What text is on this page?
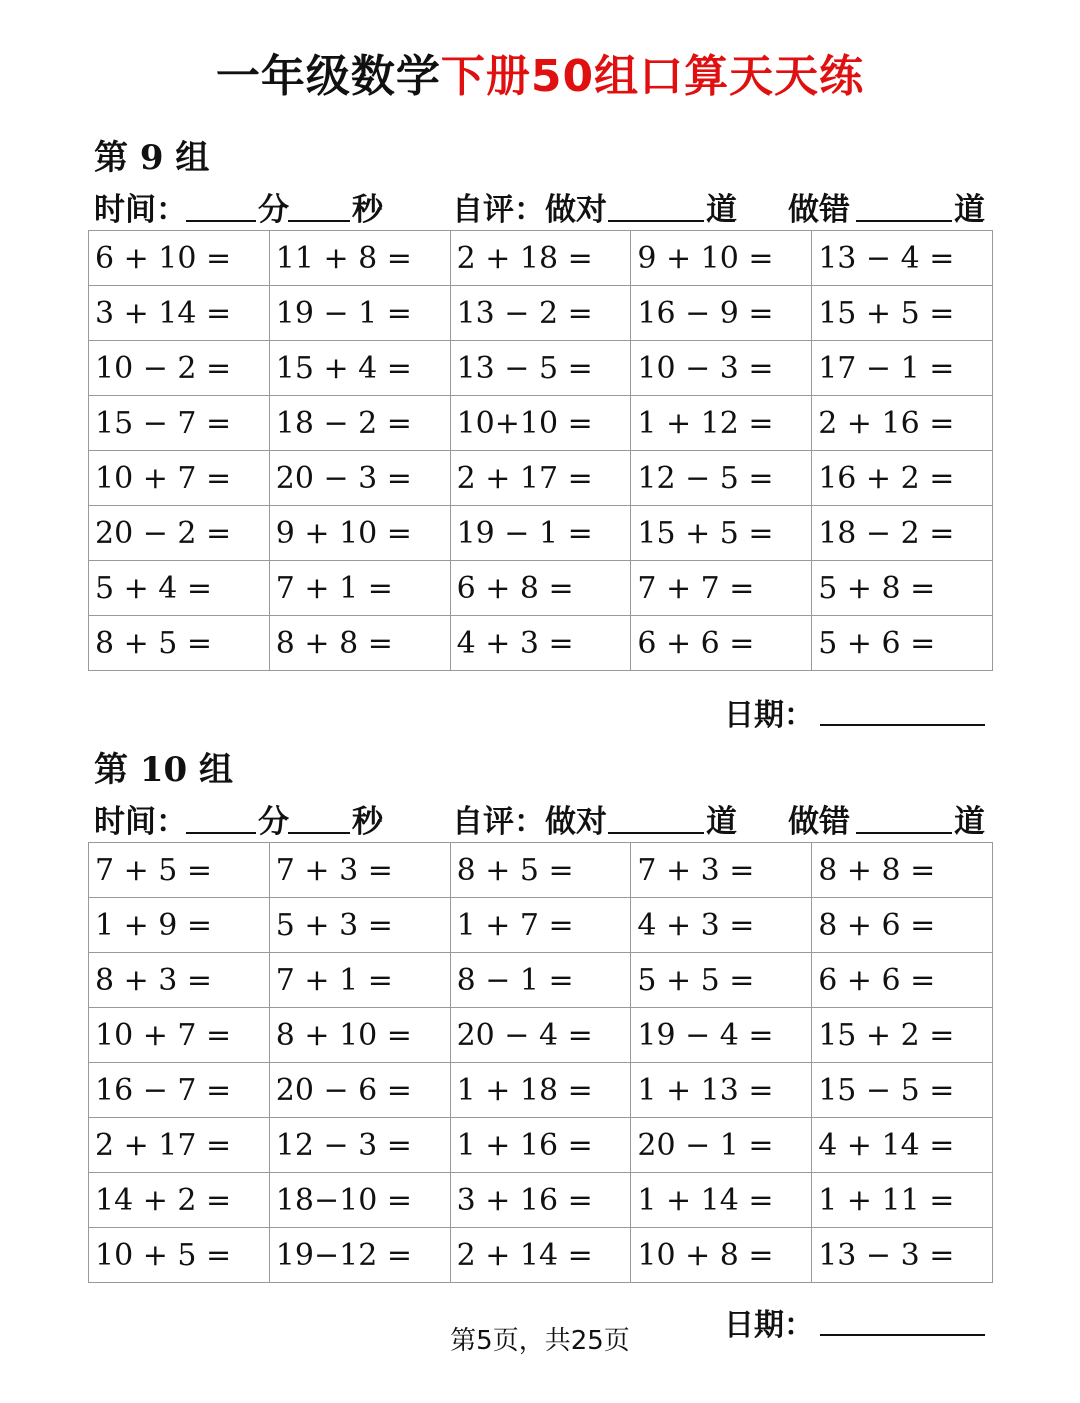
一年级数学下册50组口算天天练
第 9 组
时间： 分 秒 自评：做对	道 做错	道
6 + 10 =	11 + 8 =	2 + 18 =	9 + 10 =	13 − 4 =
3 + 14 =	19 − 1 =	13 − 2 =	16 − 9 =	15 + 5 =
10 − 2 =	15 + 4 =	13 − 5 =	10 − 3 =	17 − 1 =
15 − 7 =	18 − 2 =	10+10 =	1 + 12 =	2 + 16 =
10 + 7 =	20 − 3 =	2 + 17 =	12 − 5 =	16 + 2 =
20 − 2 =	9 + 10 =	19 − 1 =	15 + 5 =	18 − 2 =
5 + 4 =	7 + 1 =	6 + 8 =	7 + 7 =	5 + 8 =
8 + 5 =	8 + 8 =	4 + 3 =	6 + 6 =	5 + 6 =
日期：
第 10 组
时间： 分 秒 自评：做对	道 做错	道
7 + 5 =	7 + 3 =	8 + 5 =	7 + 3 =	8 + 8 =
1 + 9 =	5 + 3 =	1 + 7 =	4 + 3 =	8 + 6 =
8 + 3 =	7 + 1 =	8 − 1 =	5 + 5 =	6 + 6 =
10 + 7 =	8 + 10 =	20 − 4 =	19 − 4 =	15 + 2 =
16 − 7 =	20 − 6 =	1 + 18 =	1 + 13 =	15 − 5 =
2 + 17 =	12 − 3 =	1 + 16 =	20 − 1 =	4 + 14 =
14 + 2 =	18−10 =	3 + 16 =	1 + 14 =	1 + 11 =
10 + 5 =	19−12 =	2 + 14 =	10 + 8 =	13 − 3 =
日期：
第5页，共25页
